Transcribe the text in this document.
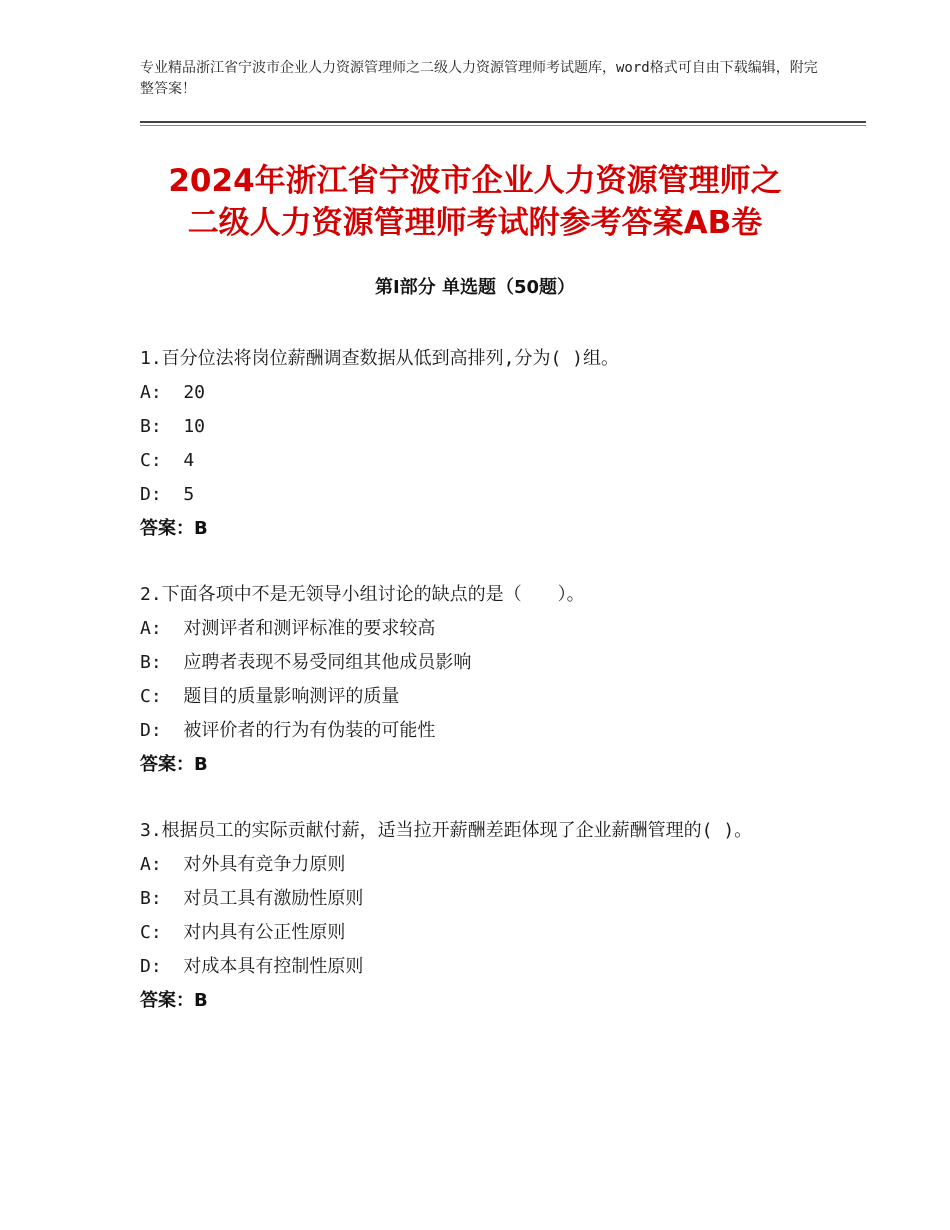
专业精品浙江省宁波市企业人力资源管理师之二级人力资源管理师考试题库，word格式可自由下载编辑，附完整答案！
2024年浙江省宁波市企业人力资源管理师之
二级人力资源管理师考试附参考答案AB卷
第Ⅰ部分 单选题（50题）
1.百分位法将岗位薪酬调查数据从低到高排列,分为( )组。
A:  20
B:  10
C:  4
D:  5
答案：B
2.下面各项中不是无领导小组讨论的缺点的是（　　）。
A:  对测评者和测评标准的要求较高
B:  应聘者表现不易受同组其他成员影响
C:  题目的质量影响测评的质量
D:  被评价者的行为有伪装的可能性
答案：B
3.根据员工的实际贡献付薪，适当拉开薪酬差距体现了企业薪酬管理的( )。
A:  对外具有竞争力原则
B:  对员工具有激励性原则
C:  对内具有公正性原则
D:  对成本具有控制性原则
答案：B
